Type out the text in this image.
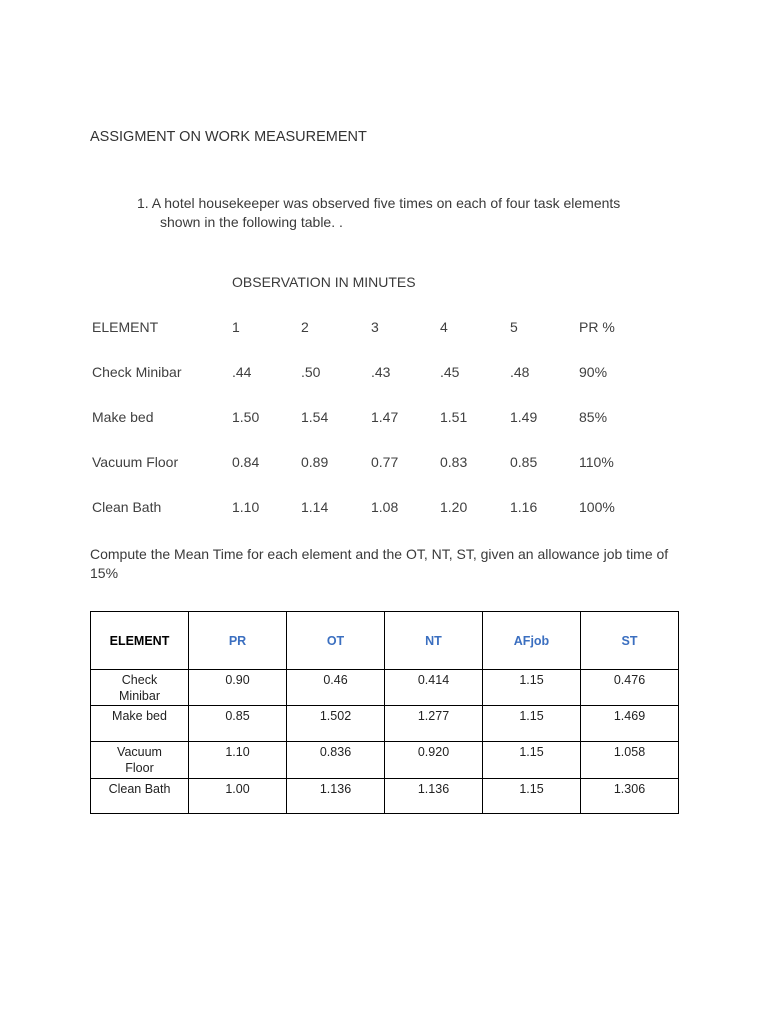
ASSIGMENT ON WORK MEASUREMENT
1. A hotel housekeeper was observed five times on each of four task elements
shown in the following table. .
OBSERVATION IN MINUTES
ELEMENT	1	2	3	4	5	PR %
Check Minibar	.44	.50	.43	.45	.48	90%
Make bed	1.50	1.54	1.47	1.51	1.49	85%
Vacuum Floor	0.84	0.89	0.77	0.83	0.85	110%
Clean Bath	1.10	1.14	1.08	1.20	1.16	100%
Compute the Mean Time for each element and the OT, NT, ST, given an allowance job time of 15%
ELEMENT	PR	OT	NT	AFjob	ST
Check Minibar	0.90	0.46	0.414	1.15	0.476
Make bed	0.85	1.502	1.277	1.15	1.469
Vacuum Floor	1.10	0.836	0.920	1.15	1.058
Clean Bath	1.00	1.136	1.136	1.15	1.306
